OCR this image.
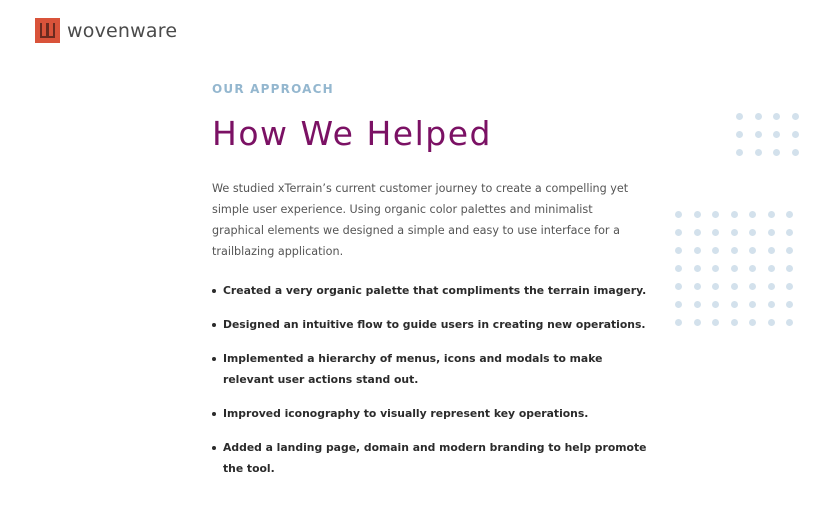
wovenware

OUR APPROACH

How We Helped

We studied xTerrain’s current customer journey to create a compelling yet simple user experience. Using organic color palettes and minimalist graphical elements we designed a simple and easy to use interface for a trailblazing application.

Created a very organic palette that compliments the terrain imagery.
Designed an intuitive flow to guide users in creating new operations.
Implemented a hierarchy of menus, icons and modals to make relevant user actions stand out.
Improved iconography to visually represent key operations.
Added a landing page, domain and modern branding to help promote the tool.
